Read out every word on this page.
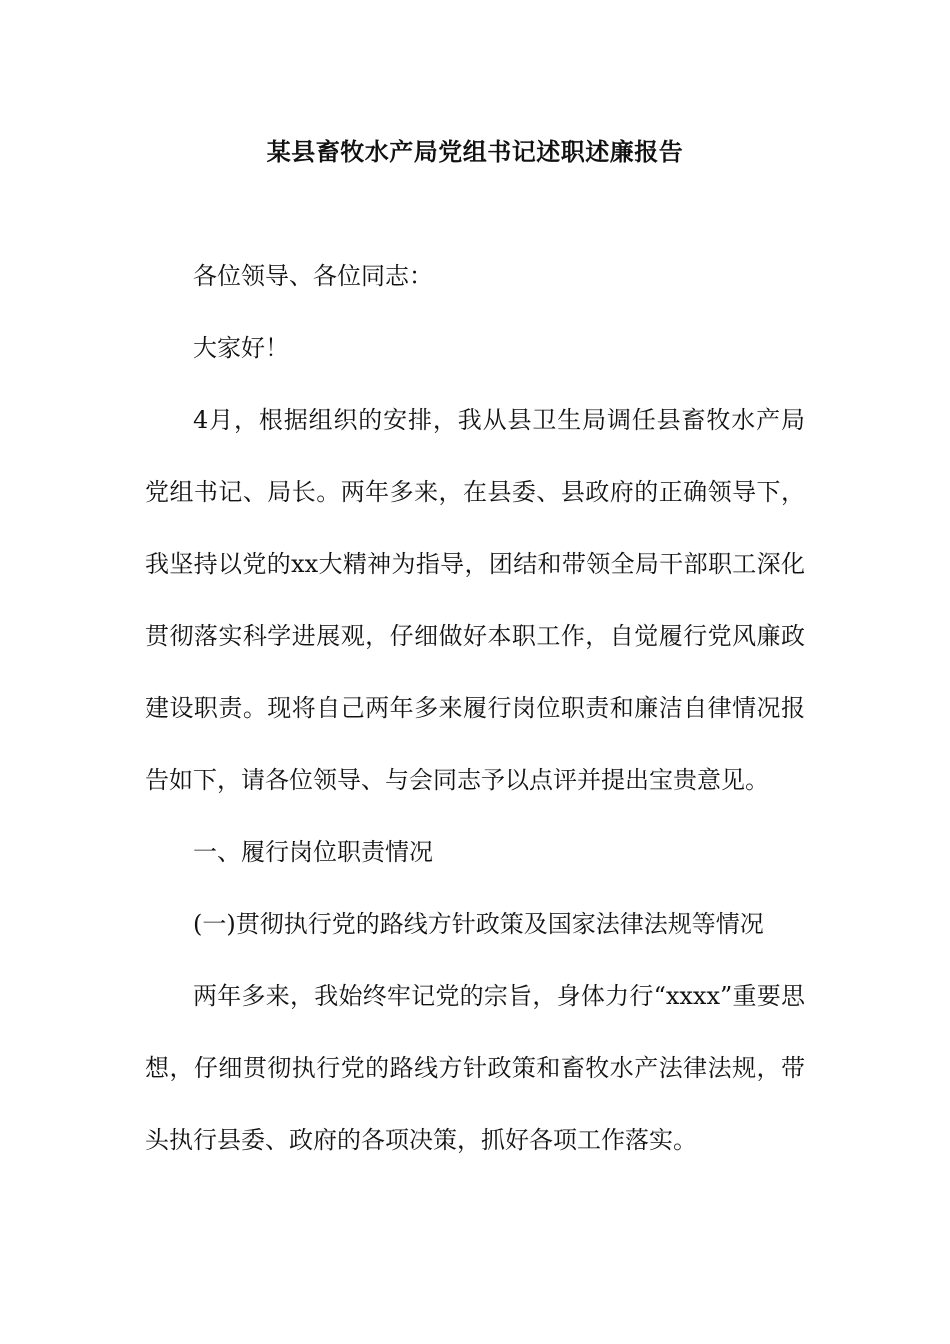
某县畜牧水产局党组书记述职述廉报告

各位领导、各位同志：

大家好！

4月，根据组织的安排，我从县卫生局调任县畜牧水产局党组书记、局长。两年多来，在县委、县政府的正确领导下，我坚持以党的xx大精神为指导，团结和带领全局干部职工深化贯彻落实科学进展观，仔细做好本职工作，自觉履行党风廉政建设职责。现将自己两年多来履行岗位职责和廉洁自律情况报告如下，请各位领导、与会同志予以点评并提出宝贵意见。

一、履行岗位职责情况

(一)贯彻执行党的路线方针政策及国家法律法规等情况

两年多来，我始终牢记党的宗旨，身体力行“xxxx”重要思想，仔细贯彻执行党的路线方针政策和畜牧水产法律法规，带头执行县委、政府的各项决策，抓好各项工作落实。
